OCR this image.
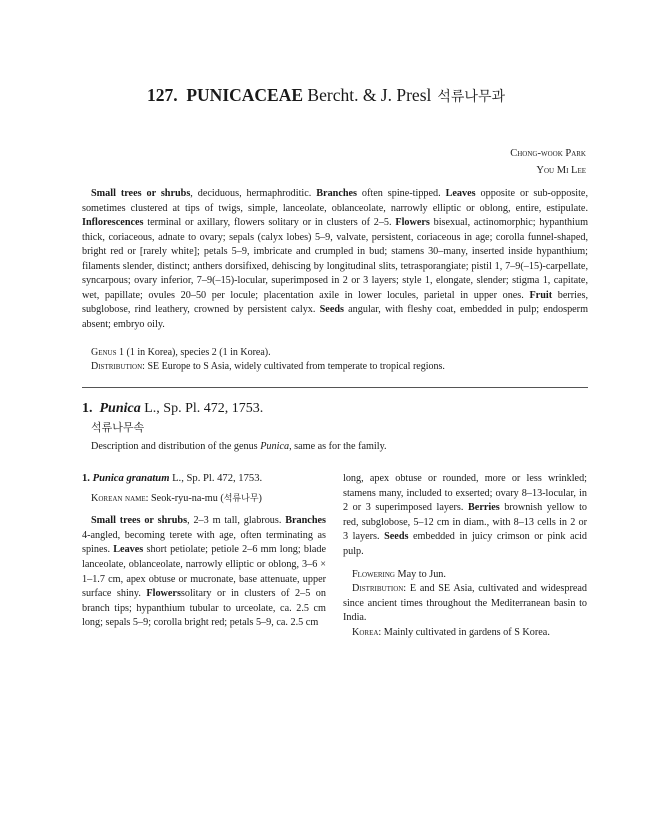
127. PUNICACEAE Bercht. & J. Presl 석류나무과
Chong-wook Park
You Mi Lee

Small trees or shrubs, deciduous, hermaphroditic. Branches often spine-tipped. Leaves opposite or sub-opposite, sometimes clustered at tips of twigs, simple, lanceolate, oblanceolate, narrowly elliptic or oblong, entire, estipulate. Inflorescences terminal or axillary, flowers solitary or in clusters of 2–5. Flowers bisexual, actinomorphic; hypanthium thick, coriaceous, adnate to ovary; sepals (calyx lobes) 5–9, valvate, persistent, coriaceous in age; corolla funnel-shaped, bright red or [rarely white]; petals 5–9, imbricate and crumpled in bud; stamens 30–many, inserted inside hypanthium; filaments slender, distinct; anthers dorsifixed, dehiscing by longitudinal slits, tetrasporangiate; pistil 1, 7–9(–15)-carpellate, syncarpous; ovary inferior, 7–9(–15)-locular, superimposed in 2 or 3 layers; style 1, elongate, slender; stigma 1, capitate, wet, papillate; ovules 20–50 per locule; placentation axile in lower locules, parietal in upper ones. Fruit berries, subglobose, rind leathery, crowned by persistent calyx. Seeds angular, with fleshy coat, embedded in pulp; endosperm absent; embryo oily.

Genus 1 (1 in Korea), species 2 (1 in Korea).
Distribution: SE Europe to S Asia, widely cultivated from temperate to tropical regions.
1. Punica L., Sp. Pl. 472, 1753.
석류나무속
Description and distribution of the genus Punica, same as for the family.

1. Punica granatum L., Sp. Pl. 472, 1753.

Korean name: Seok-ryu-na-mu (석류나무)

Small trees or shrubs, 2–3 m tall, glabrous. Branches 4-angled, becoming terete with age, often terminating as spines. Leaves short petiolate; petiole 2–6 mm long; blade lanceolate, oblanceolate, narrowly elliptic or oblong, 3–6 × 1–1.7 cm, apex obtuse or mucronate, base attenuate, upper surface shiny. Flowerssolitary or in clusters of 2–5 on branch tips; hypanthium tubular to urceolate, ca. 2.5 cm long; sepals 5–9; corolla bright red; petals 5–9, ca. 2.5 cm

long, apex obtuse or rounded, more or less wrinkled; stamens many, included to exserted; ovary 8–13-locular, in 2 or 3 superimposed layers. Berries brownish yellow to red, subglobose, 5–12 cm in diam., with 8–13 cells in 2 or 3 layers. Seeds embedded in juicy crimson or pink acid pulp.

Flowering May to Jun.

Distribution: E and SE Asia, cultivated and widespread since ancient times throughout the Mediterranean basin to India.

Korea: Mainly cultivated in gardens of S Korea.
